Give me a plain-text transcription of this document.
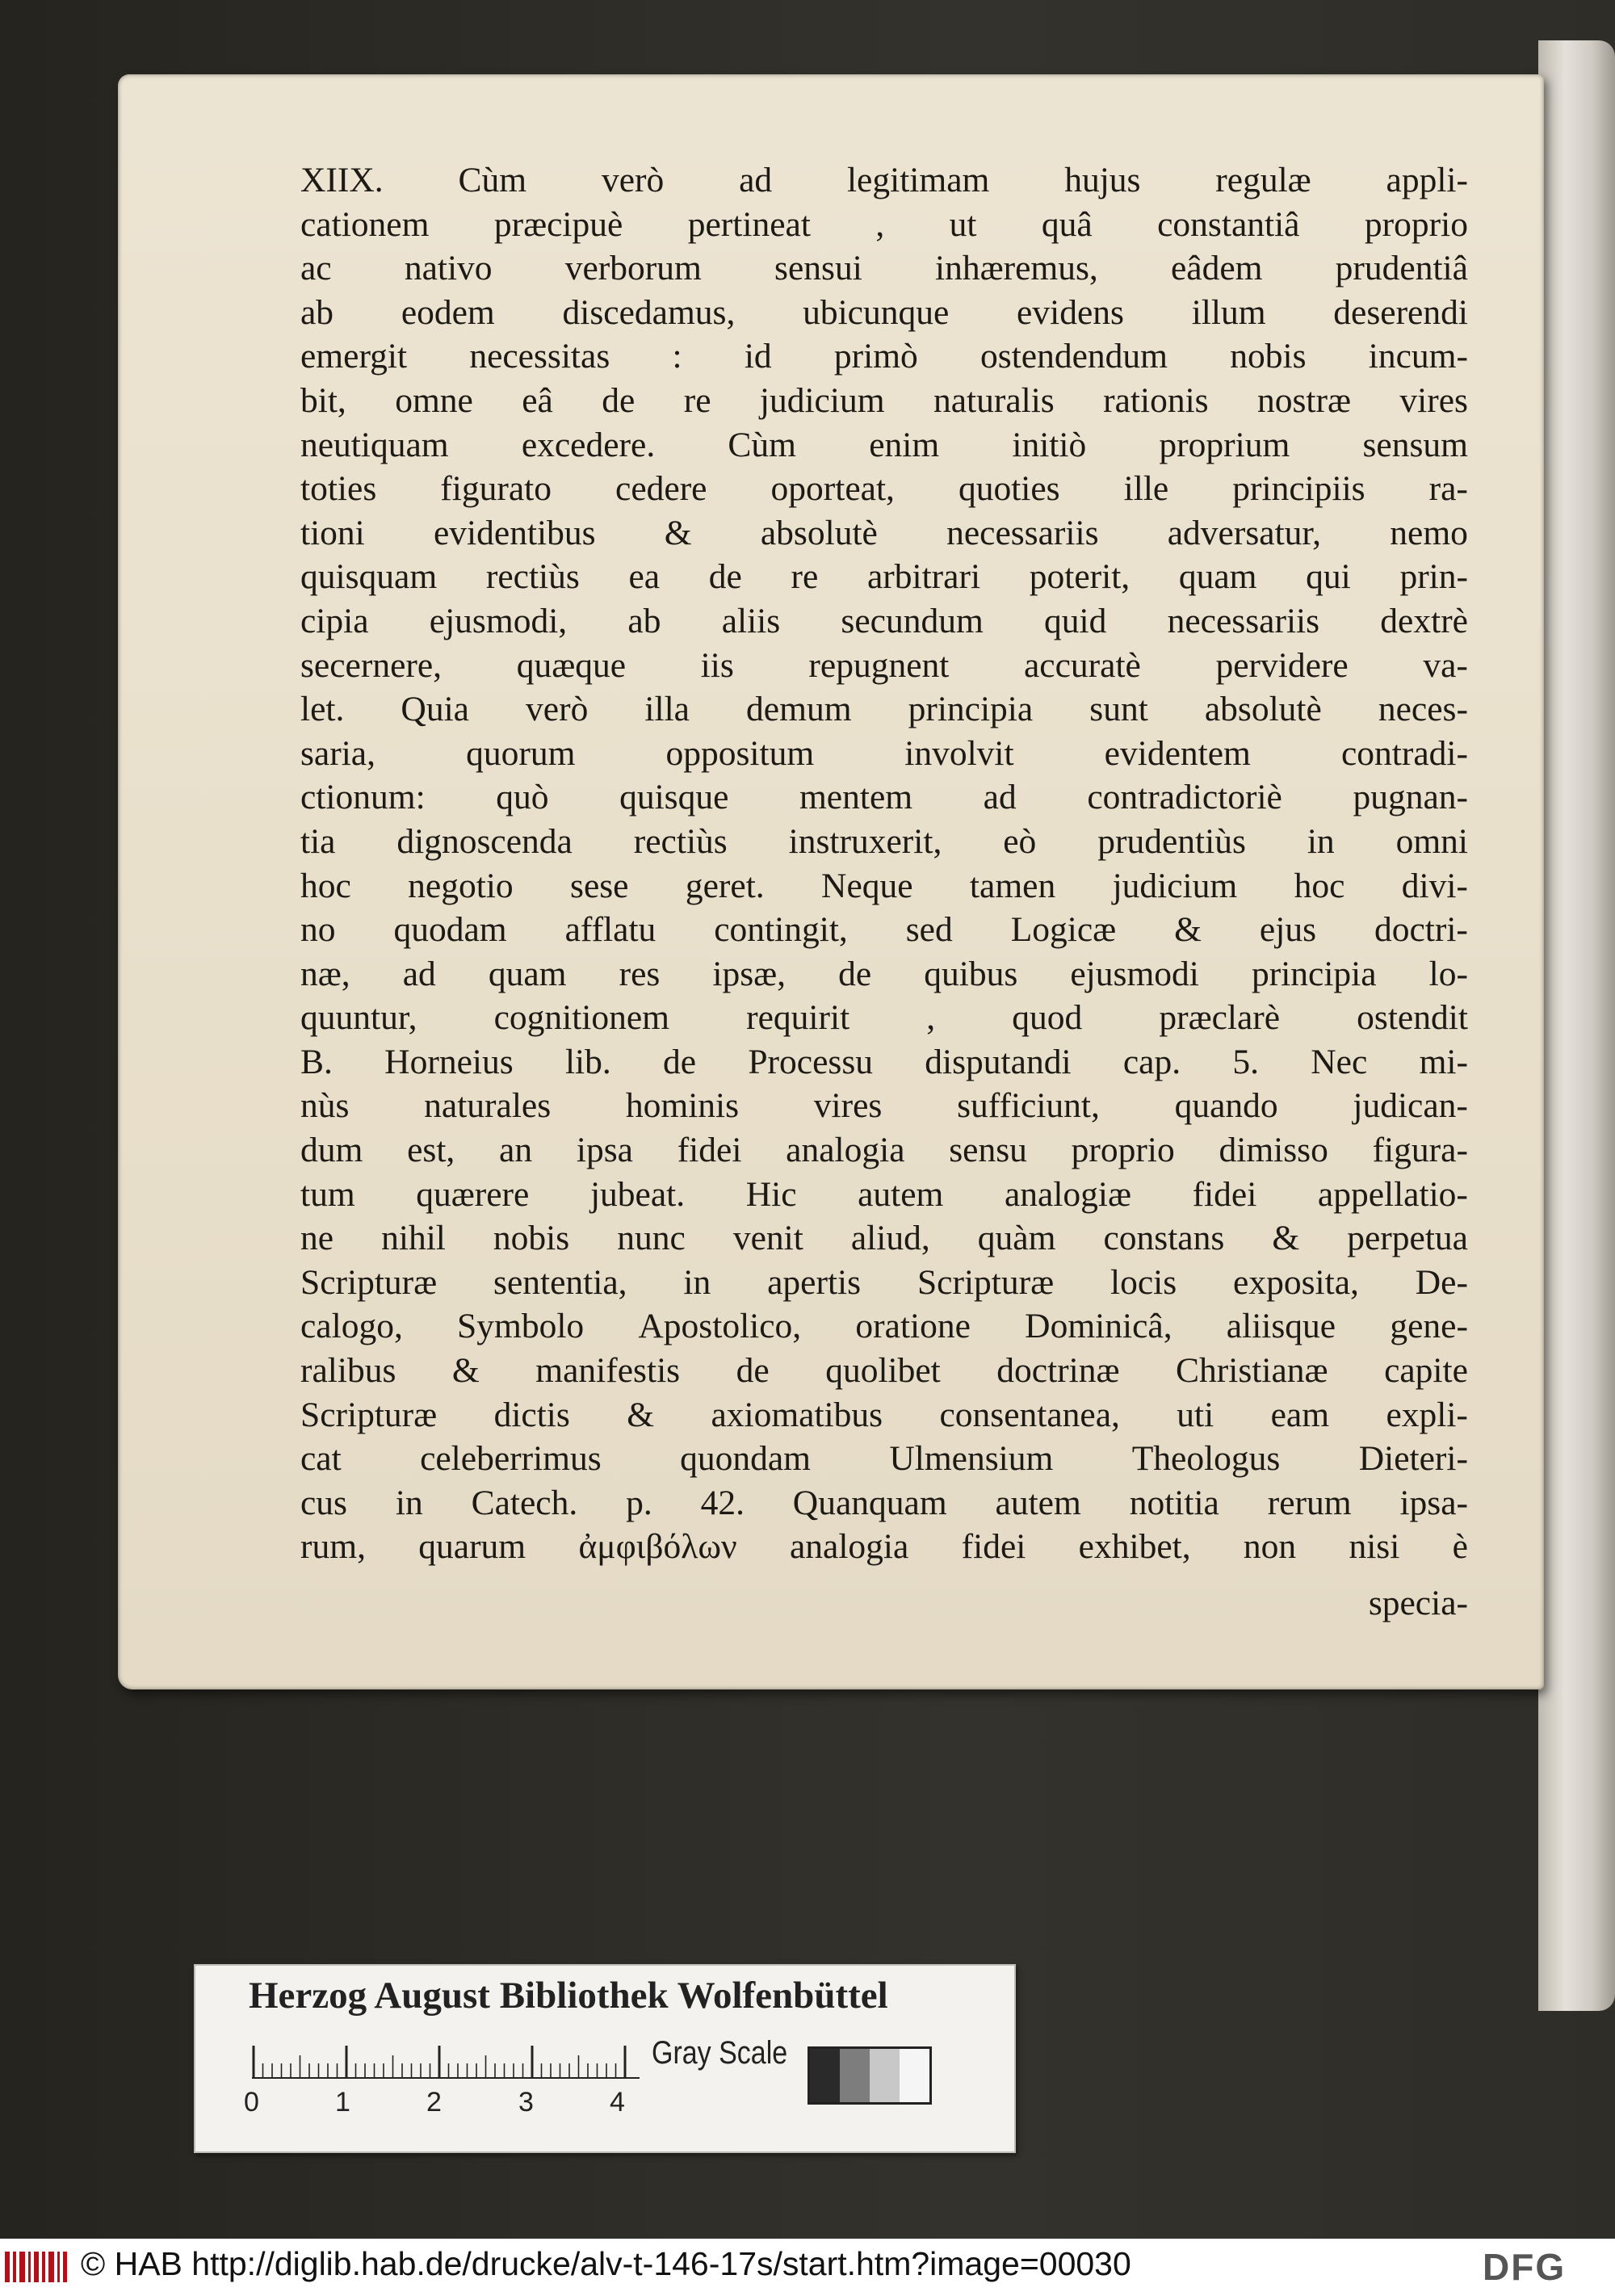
XIIX. Cùm verò ad legitimam hujus regulæ appli-
cationem præcipuè pertineat , ut quâ constantiâ proprio
ac nativo verborum sensui inhæremus, eâdem prudentiâ
ab eodem discedamus, ubicunque evidens illum deserendi
emergit necessitas : id primò ostendendum nobis incum-
bit, omne eâ de re judicium naturalis rationis nostræ vires
neutiquam excedere. Cùm enim initiò proprium sensum
toties figurato cedere oporteat, quoties ille principiis ra-
tioni evidentibus & absolutè necessariis adversatur, nemo
quisquam rectiùs ea de re arbitrari poterit, quam qui prin-
cipia ejusmodi, ab aliis secundum quid necessariis dextrè
secernere, quæque iis repugnent accuratè pervidere va-
let. Quia verò illa demum principia sunt absolutè neces-
saria,	quorum	oppositum	involvit	evidentem	contradi-
ctionum: quò quisque mentem ad contradictoriè pugnan-
tia dignoscenda rectiùs instruxerit, eò prudentiùs in omni
hoc negotio sese geret. Neque tamen judicium hoc divi-
no quodam afflatu contingit, sed Logicæ & ejus doctri-
næ, ad quam res ipsæ, de quibus ejusmodi principia lo-
quuntur, cognitionem requirit , quod præclarè ostendit
B. Horneius lib. de Processu disputandi cap. 5. Nec mi-
nùs naturales hominis vires sufficiunt, quando judican-
dum est, an ipsa fidei analogia sensu proprio dimisso figura-
tum quærere jubeat. Hic autem analogiæ fidei appellatio-
ne nihil nobis nunc venit aliud, quàm constans & perpetua
Scripturæ sententia, in apertis Scripturæ locis exposita, De-
calogo, Symbolo Apostolico, oratione Dominicâ, aliisque gene-
ralibus & manifestis de quolibet doctrinæ Christianæ capite
Scripturæ dictis & axiomatibus consentanea, uti eam expli-
cat celeberrimus quondam Ulmensium Theologus Dieteri-
cus in Catech. p. 42. Quanquam autem notitia rerum ipsa-
rum, quarum ἀμφιβόλων analogia fidei exhibet, non nisi è
specia-
Herzog August Bibliothek Wolfenbüttel
0	1	2	3	4
Gray Scale
© HAB http://diglib.hab.de/drucke/alv-t-146-17s/start.htm?image=00030	DFG
